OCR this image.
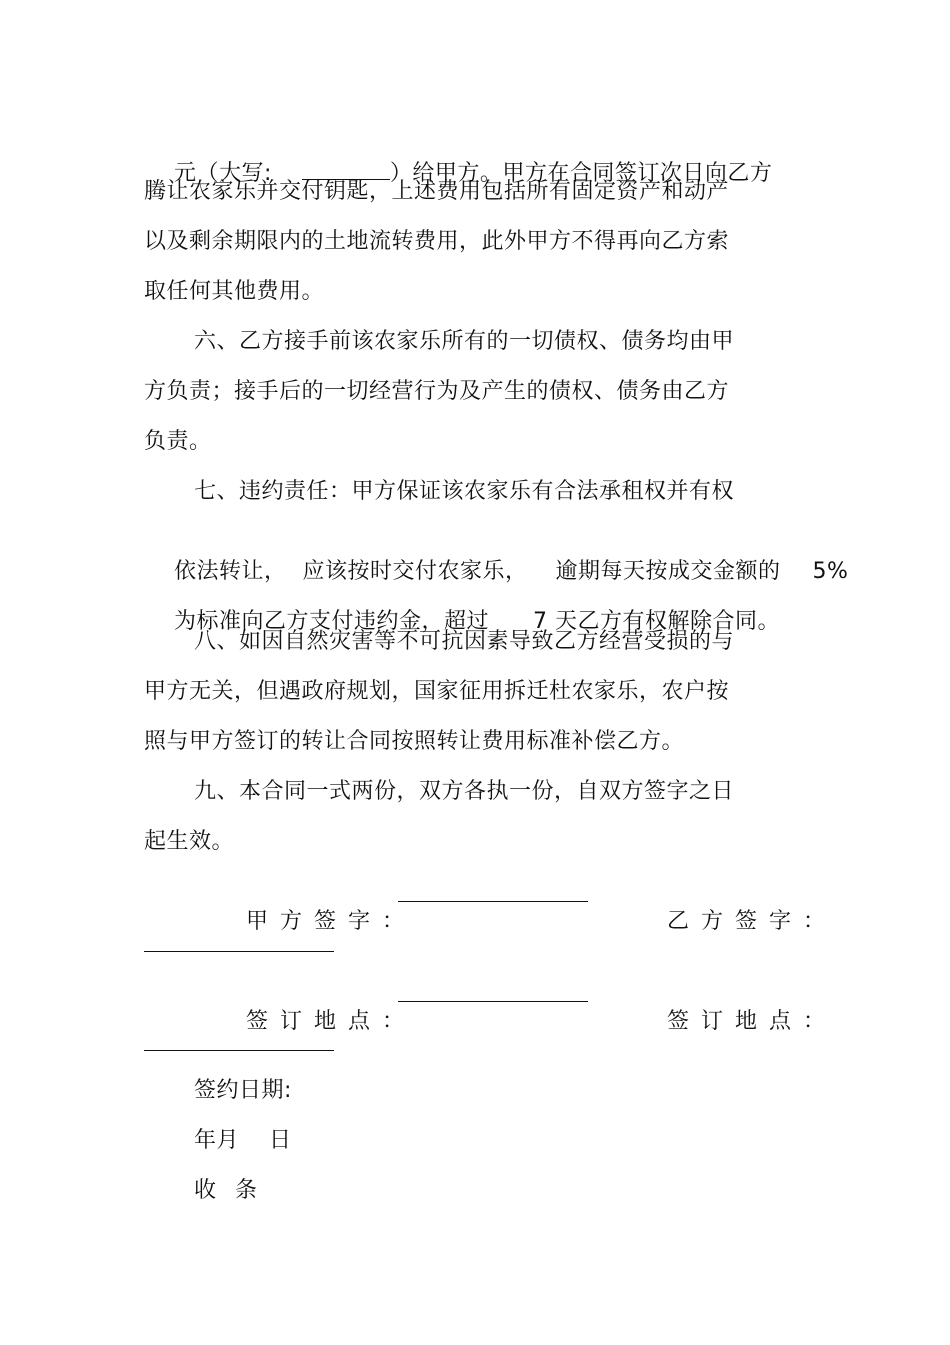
元（大写:	）给甲方。甲方在合同签订次日向乙方

腾让农家乐并交付钥匙，上述费用包括所有固定资产和动产
以及剩余期限内的土地流转费用，此外甲方不得再向乙方索
取任何其他费用。
六、乙方接手前该农家乐所有的一切债权、债务均由甲
方负责；接手后的一切经营行为及产生的债权、债务由乙方
负责。
七、违约责任：甲方保证该农家乐有合法承租权并有权

依法转让， 应该按时交付农家乐， 逾期每天按成交金额的 5%

为标准向乙方支付违约金，超过 7 天乙方有权解除合同。

八、如因自然灾害等不可抗因素导致乙方经营受损的与
甲方无关，但遇政府规划，国家征用拆迁杜农家乐，农户按
照与甲方签订的转让合同按照转让费用标准补偿乙方。
九、本合同一式两份，双方各执一份，自双方签字之日
起生效。

甲方签字：
	乙方签字：

签订地点：
	签订地点：

签约日期:
年月　 日
收 条
